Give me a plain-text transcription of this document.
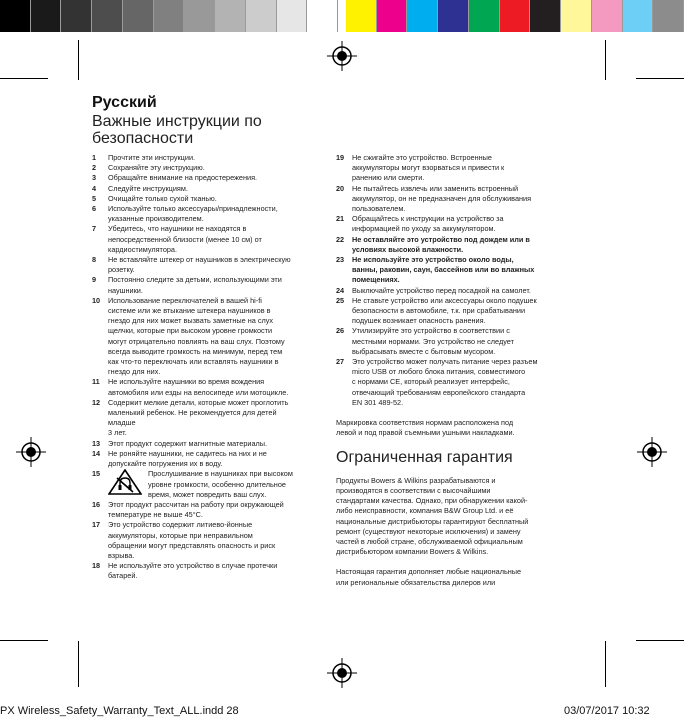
Русский
Важные инструкции по
безопасности
1	Прочтите эти инструкции.
2	Сохраняйте эту инструкцию.
3	Обращайте внимание на предостережения.
4	Следуйте инструкциям.
5	Очищайте только сухой тканью.
6	Используйте только аксессуары/принадлежности,
указанные производителем.
7	Убедитесь, что наушники не находятся в
непосредственной близости (менее 10 см) от
кардиостимулятора.
8	Не вставляйте штекер от наушников в электрическую
розетку.
9	Постоянно следите за детьми, использующими эти
наушники.
10	Использование переключателей в вашей hi-fi
системе или же втыкание штекера наушников в
гнездо для них может вызвать заметные на слух
щелчки, которые при высоком уровне громкости
могут отрицательно повлиять на ваш слух. Поэтому
всегда выводите громкость на минимум, перед тем
как что-то переключать или вставлять наушники в
гнездо для них.
11	Не используйте наушники во время вождения
автомобиля или езды на велосипеде или мотоцикле.
12	Содержит мелкие детали, которые может проглотить
маленький ребенок. Не рекомендуется для детей
младше
3 лет.
13	Этот продукт содержит магнитные материалы.
14	Не роняйте наушники, не садитесь на них и не
допускайте погружения их в воду.
15	Прослушивание в наушниках при высоком
уровне громкости, особенно длительное
время, может повредить ваш слух.
16	Этот продукт рассчитан на работу при окружающей
температуре не выше 45°С.
17	Это устройство содержит литиево-йонные
аккумуляторы, которые при неправильном
обращении могут представлять опасность и риск
взрыва.
18	Не используйте это устройство в случае протечки
батарей.
19	Не сжигайте это устройство. Встроенные
аккумуляторы могут взорваться и привести к
ранению или смерти.
20	Не пытайтесь извлечь или заменить встроенный
аккумулятор, он не предназначен для обслуживания
пользователем.
21	Обращайтесь к инструкции на устройство за
информацией по уходу за аккумулятором.
22	Не оставляйте это устройство под дождем или в
условиях высокой влажности.
23	Не используйте это устройство около воды,
ванны, раковин, саун, бассейнов или во влажных
помещениях.
24	Выключайте устройство перед посадкой на самолет.
25	Не ставьте устройство или аксессуары около подушек
безопасности в автомобиле, т.к. при срабатывании
подушек возникает опасность ранения.
26	Утилизируйте это устройство в соответствии с
местными нормами. Это устройство не следует
выбрасывать вместе с бытовым мусором.
27	Это устройство может получать питание через разъем
micro USB от любого блока питания, совместимого
с нормами CE, который реализует интерфейс,
отвечающий требованиям европейского стандарта
EN 301 489-52.
Маркировка соответствия нормам расположена под
левой и под правой съемными ушными накладками.
Ограниченная гарантия
Продукты Bowers & Wilkins разрабатываются и
производятся в соответствии с высочайшими
стандартами качества. Однако, при обнаружении какой-
либо неисправности, компания B&W Group Ltd. и её
национальные дистрибьюторы гарантируют бесплатный
ремонт (существуют некоторые исключения) и замену
частей в любой стране, обслуживаемой официальным
дистрибьютором компании Bowers & Wilkins.
Настоящая гарантия дополняет любые национальные
или региональные обязательства дилеров или
PX Wireless_Safety_Warranty_Text_ALL.indd 28	03/07/2017 10:32
